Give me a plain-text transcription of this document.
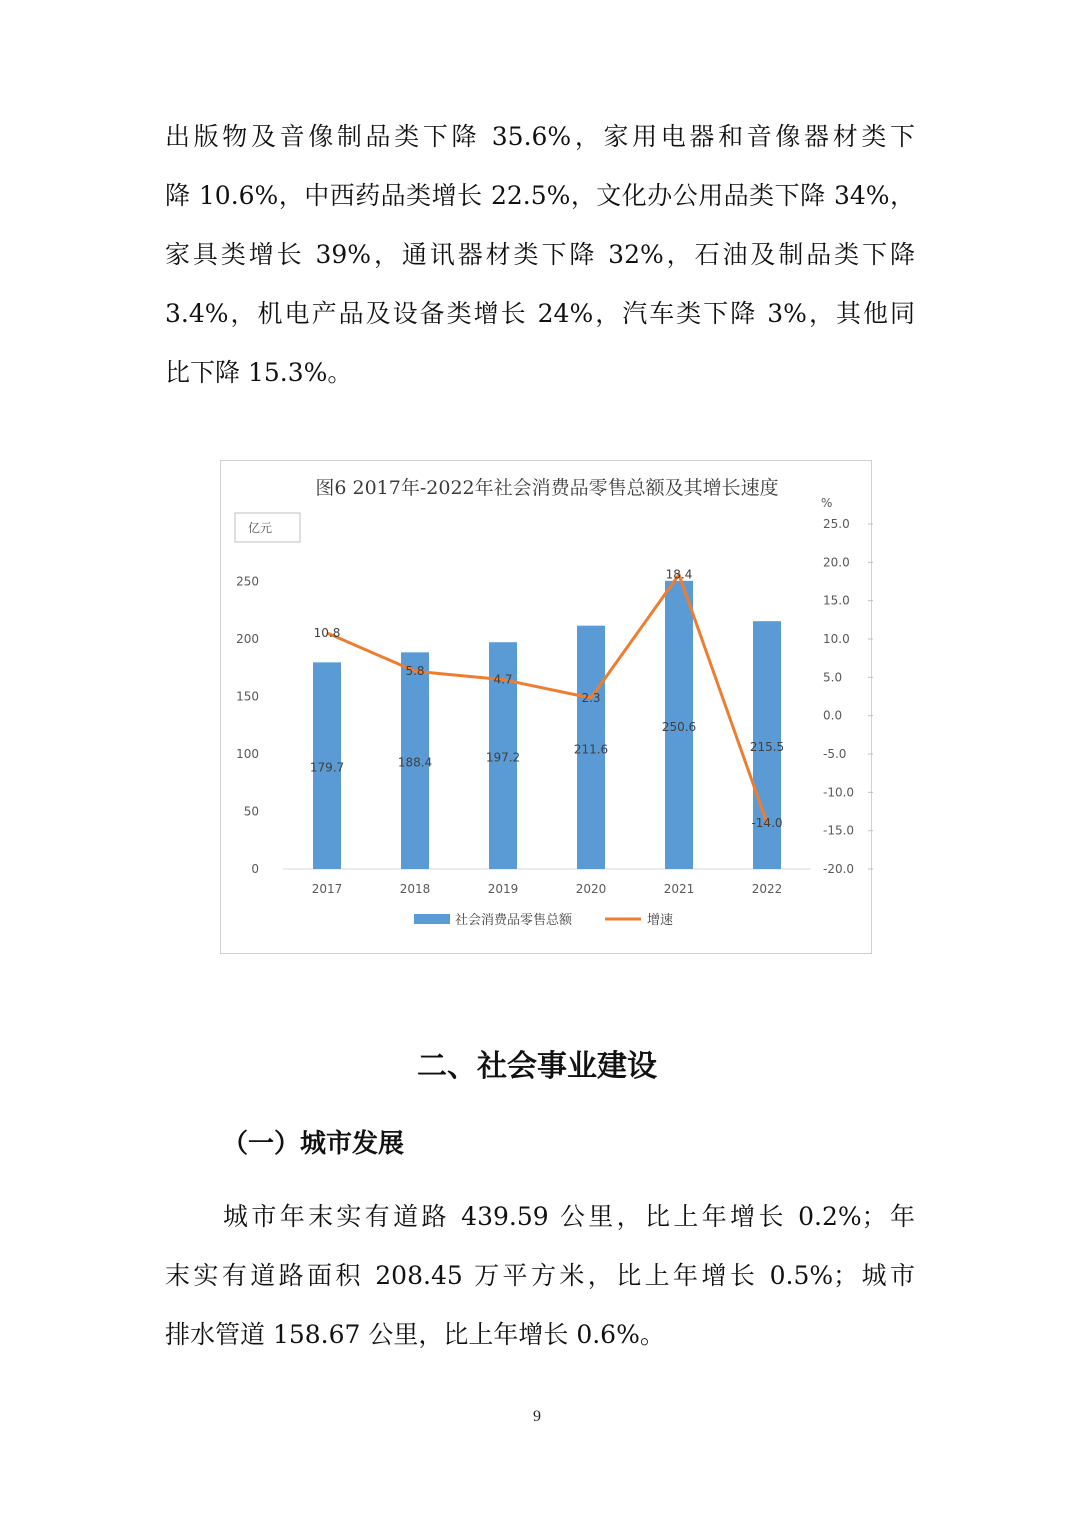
出版物及音像制品类下降 35.6%，家用电器和音像器材类下
降 10.6%，中西药品类增长 22.5%，文化办公用品类下降 34%，
家具类增长 39%，通讯器材类下降 32%，石油及制品类下降
3.4%，机电产品及设备类增长 24%，汽车类下降 3%，其他同
比下降 15.3%。
图6 2017年-2022年社会消费品零售总额及其增长速度
亿元
%
0
50
100
150
200
250
25.0
20.0
15.0
10.0
5.0
0.0
-5.0
-10.0
-15.0
-20.0
179.7	188.4	197.2
211.6
250.6
215.5
10.8
5.8
4.7
2.3
18.4
-14.0
2017	2018	2019	2020	2021	2022
社会消费品零售总额	增速
二、社会事业建设
（一）城市发展
城市年末实有道路 439.59 公里，比上年增长 0.2%；年
末实有道路面积 208.45 万平方米，比上年增长 0.5%；城市
排水管道 158.67 公里，比上年增长 0.6%。
9
